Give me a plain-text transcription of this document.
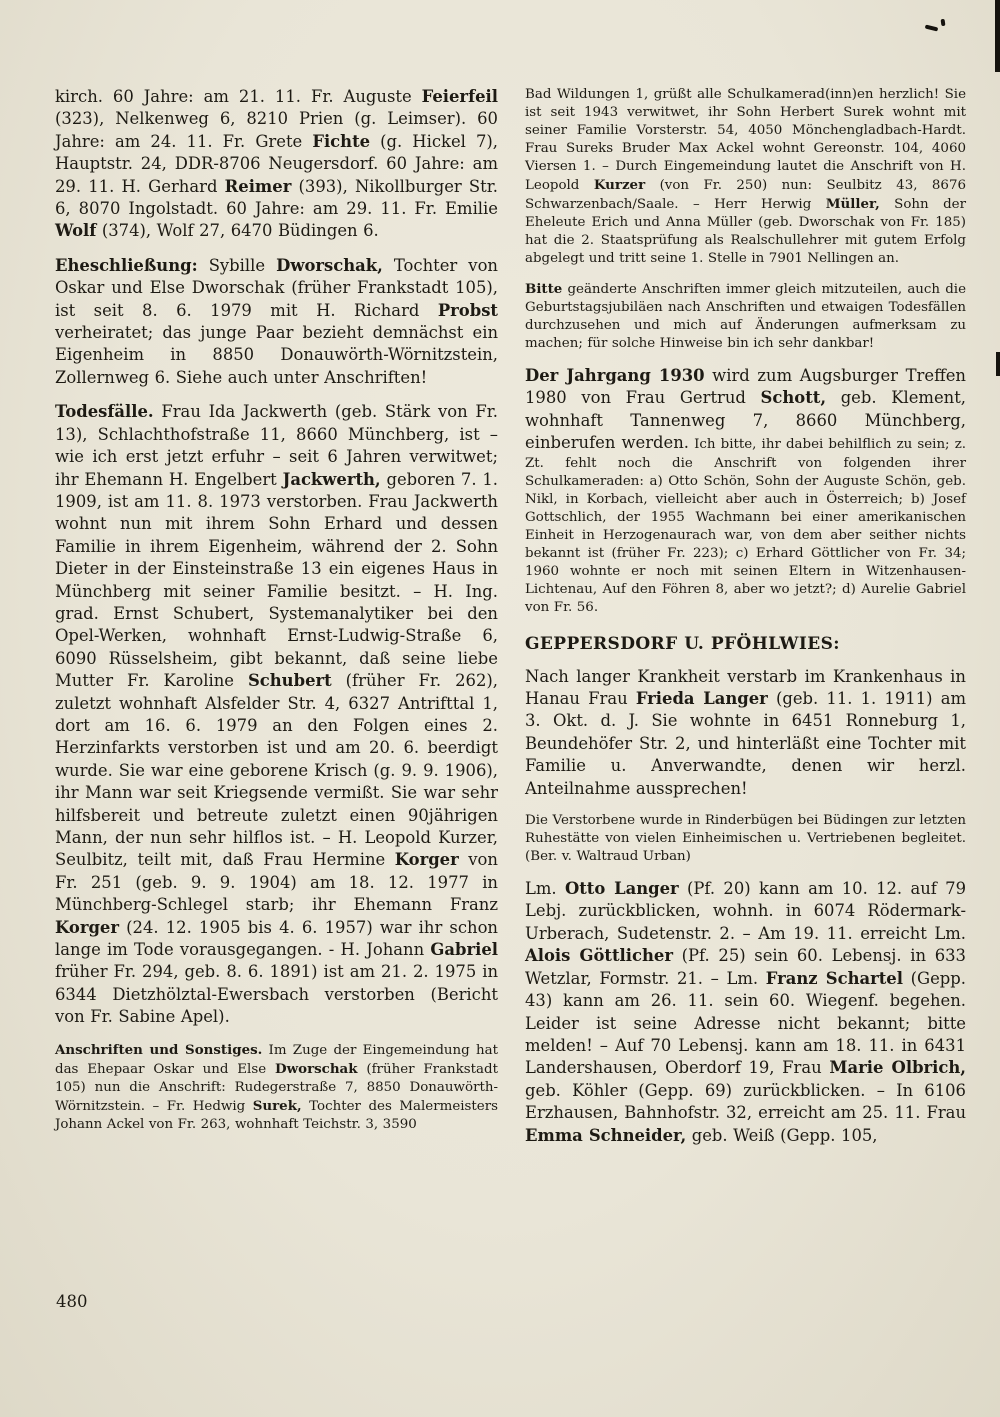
kirch. 60 Jahre: am 21. 11. Fr. Auguste Feierfeil (323), Nelkenweg 6, 8210 Prien (g. Leimser). 60 Jahre: am 24. 11. Fr. Grete Fichte (g. Hickel 7), Hauptstr. 24, DDR-8706 Neugersdorf. 60 Jahre: am 29. 11. H. Gerhard Reimer (393), Nikollburger Str. 6, 8070 Ingolstadt. 60 Jahre: am 29. 11. Fr. Emilie Wolf (374), Wolf 27, 6470 Büdingen 6.

Eheschließung: Sybille Dworschak, Tochter von Oskar und Else Dworschak (früher Frankstadt 105), ist seit 8. 6. 1979 mit H. Richard Probst verheiratet; das junge Paar bezieht demnächst ein Eigenheim in 8850 Donauwörth-Wörnitzstein, Zollernweg 6. Siehe auch unter Anschriften!

Todesfälle. Frau Ida Jackwerth (geb. Stärk von Fr. 13), Schlachthofstraße 11, 8660 Münchberg, ist – wie ich erst jetzt erfuhr – seit 6 Jahren verwitwet; ihr Ehemann H. Engelbert Jackwerth, geboren 7. 1. 1909, ist am 11. 8. 1973 verstorben. Frau Jackwerth wohnt nun mit ihrem Sohn Erhard und dessen Familie in ihrem Eigenheim, während der 2. Sohn Dieter in der Einsteinstraße 13 ein eigenes Haus in Münchberg mit seiner Familie besitzt. – H. Ing. grad. Ernst Schubert, Systemanalytiker bei den Opel-Werken, wohnhaft Ernst-Ludwig-Straße 6, 6090 Rüsselsheim, gibt bekannt, daß seine liebe Mutter Fr. Karoline Schubert (früher Fr. 262), zuletzt wohnhaft Alsfelder Str. 4, 6327 Antrifttal 1, dort am 16. 6. 1979 an den Folgen eines 2. Herzinfarkts verstorben ist und am 20. 6. beerdigt wurde. Sie war eine geborene Krisch (g. 9. 9. 1906), ihr Mann war seit Kriegsende vermißt. Sie war sehr hilfsbereit und betreute zuletzt einen 90jährigen Mann, der nun sehr hilflos ist. – H. Leopold Kurzer, Seulbitz, teilt mit, daß Frau Hermine Korger von Fr. 251 (geb. 9. 9. 1904) am 18. 12. 1977 in Münchberg-Schlegel starb; ihr Ehemann Franz Korger (24. 12. 1905 bis 4. 6. 1957) war ihr schon lange im Tode vorausgegangen. - H. Johann Gabriel früher Fr. 294, geb. 8. 6. 1891) ist am 21. 2. 1975 in 6344 Dietzhölztal-Ewersbach verstorben (Bericht von Fr. Sabine Apel).

Anschriften und Sonstiges. Im Zuge der Eingemeindung hat das Ehepaar Oskar und Else Dworschak (früher Frankstadt 105) nun die Anschrift: Rudegerstraße 7, 8850 Donauwörth-Wörnitzstein. – Fr. Hedwig Surek, Tochter des Malermeisters Johann Ackel von Fr. 263, wohnhaft Teichstr. 3, 3590

Bad Wildungen 1, grüßt alle Schulkamerad(inn)en herzlich! Sie ist seit 1943 verwitwet, ihr Sohn Herbert Surek wohnt mit seiner Familie Vorsterstr. 54, 4050 Mönchengladbach-Hardt. Frau Sureks Bruder Max Ackel wohnt Gereonstr. 104, 4060 Viersen 1. – Durch Eingemeindung lautet die Anschrift von H. Leopold Kurzer (von Fr. 250) nun: Seulbitz 43, 8676 Schwarzenbach/Saale. – Herr Herwig Müller, Sohn der Eheleute Erich und Anna Müller (geb. Dworschak von Fr. 185) hat die 2. Staatsprüfung als Realschullehrer mit gutem Erfolg abgelegt und tritt seine 1. Stelle in 7901 Nellingen an.

Bitte geänderte Anschriften immer gleich mitzuteilen, auch die Geburtstagsjubiläen nach Anschriften und etwaigen Todesfällen durchzusehen und mich auf Änderungen aufmerksam zu machen; für solche Hinweise bin ich sehr dankbar!

Der Jahrgang 1930 wird zum Augsburger Treffen 1980 von Frau Gertrud Schott, geb. Klement, wohnhaft Tannenweg 7, 8660 Münchberg, einberufen werden. Ich bitte, ihr dabei behilflich zu sein; z. Zt. fehlt noch die Anschrift von folgenden ihrer Schulkameraden: a) Otto Schön, Sohn der Auguste Schön, geb. Nikl, in Korbach, vielleicht aber auch in Österreich; b) Josef Gottschlich, der 1955 Wachmann bei einer amerikanischen Einheit in Herzogenaurach war, von dem aber seither nichts bekannt ist (früher Fr. 223); c) Erhard Göttlicher von Fr. 34; 1960 wohnte er noch mit seinen Eltern in Witzenhausen-Lichtenau, Auf den Föhren 8, aber wo jetzt?; d) Aurelie Gabriel von Fr. 56.

GEPPERSDORF U. PFÖHLWIES:

Nach langer Krankheit verstarb im Krankenhaus in Hanau Frau Frieda Langer (geb. 11. 1. 1911) am 3. Okt. d. J. Sie wohnte in 6451 Ronneburg 1, Beundehöfer Str. 2, und hinterläßt eine Tochter mit Familie u. Anverwandte, denen wir herzl. Anteilnahme aussprechen!

Die Verstorbene wurde in Rinderbügen bei Büdingen zur letzten Ruhestätte von vielen Einheimischen u. Vertriebenen begleitet. (Ber. v. Waltraud Urban)

Lm. Otto Langer (Pf. 20) kann am 10. 12. auf 79 Lebj. zurückblicken, wohnh. in 6074 Rödermark-Urberach, Sudetenstr. 2. – Am 19. 11. erreicht Lm. Alois Göttlicher (Pf. 25) sein 60. Lebensj. in 633 Wetzlar, Formstr. 21. – Lm. Franz Schartel (Gepp. 43) kann am 26. 11. sein 60. Wiegenf. begehen. Leider ist seine Adresse nicht bekannt; bitte melden! – Auf 70 Lebensj. kann am 18. 11. in 6431 Landershausen, Oberdorf 19, Frau Marie Olbrich, geb. Köhler (Gepp. 69) zurückblicken. – In 6106 Erzhausen, Bahnhofstr. 32, erreicht am 25. 11. Frau Emma Schneider, geb. Weiß (Gepp. 105,

480
